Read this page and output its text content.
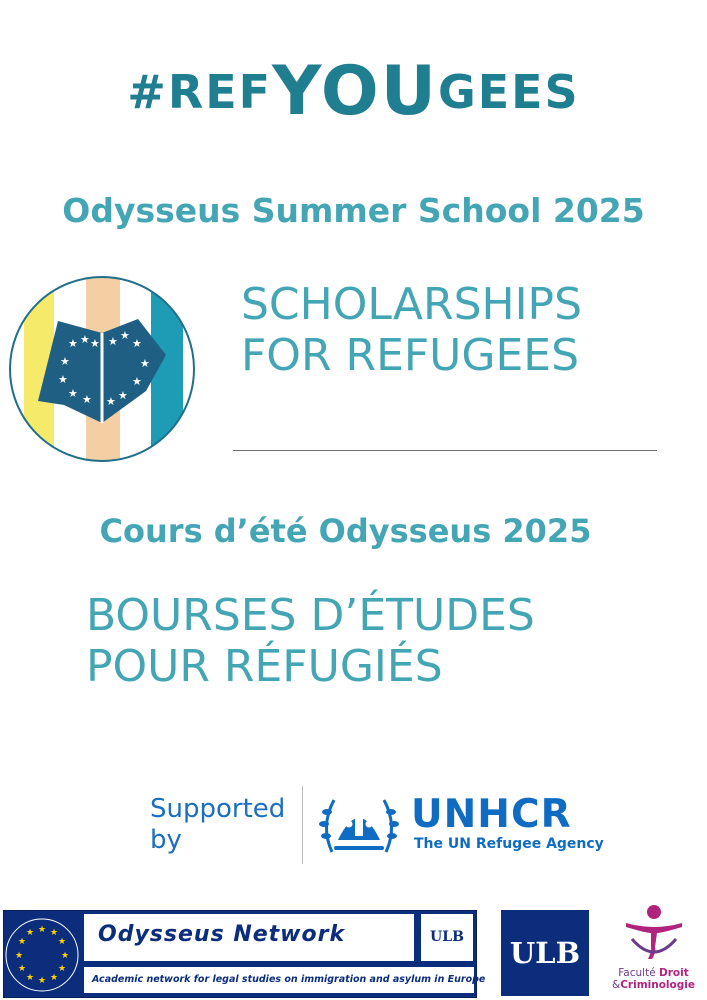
#REFYOUGEES
Odysseus Summer School 2025
★ ★ ★
★
★
★ ★
★ ★
★
★
★
★
★
SCHOLARSHIPS
FOR REFUGEES
Cours d’été Odysseus 2025
BOURSES D’ÉTUDES
POUR RÉFUGIÉS
Supported
by
UNHCR
The UN Refugee Agency
★ ★
★
★
★
★
★
★
★
★
★
★	Odysseus Network	ULB
Academic network for legal studies on immigration and asylum in Europe
ULB
Faculté Droit
&Criminologie
